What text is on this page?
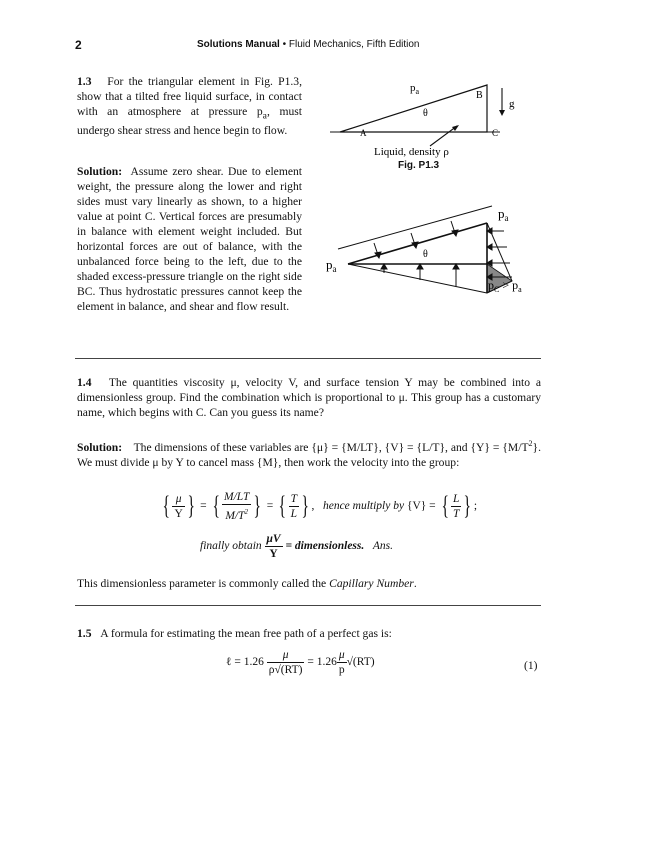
2	Solutions Manual • Fluid Mechanics, Fifth Edition
1.3 For the triangular element in Fig. P1.3, show that a tilted free liquid surface, in contact with an atmosphere at pressure $p_a$, must undergo shear stress and hence begin to flow.
$p_a$	B
θ
A	C
g
Liquid, density ρ
Fig. P1.3
Solution: Assume zero shear. Due to element weight, the pressure along the lower and right sides must vary linearly as shown, to a higher value at point C. Vertical forces are presumably in balance with element weight included. But horizontal forces are out of balance, with the unbalanced force being to the left, due to the shaded excess-pressure triangle on the right side BC. Thus hydrostatic pressures cannot keep the element in balance, and shear and flow result.
$p_a$
$p_a$
θ
$p_C > p_a$
1.4 The quantities viscosity μ, velocity V, and surface tension Y may be combined into a dimensionless group. Find the combination which is proportional to μ. This group has a customary name, which begins with C. Can you guess its name?
Solution: The dimensions of these variables are {μ} = {M/LT}, {V} = {L/T}, and $\{Y\} = \{M/T^2\}$. We must divide μ by Y to cancel mass {M}, then work the velocity into the group:
{ $\frac{\mu}{Y}$ } = { $\frac{M/LT}{M/T^2}$ } = { $\frac{T}{L}$ } , hence multiply by {V} = { $\frac{L}{T}$ } ;
finally obtain $\frac{\mu V}{Y}$ = dimensionless. Ans.
This dimensionless parameter is commonly called the Capillary Number.
1.5 A formula for estimating the mean free path of a perfect gas is:
ℓ = $1.26 \frac{\mu}{\rho√(RT)} = 1.26 \frac{\mu}{p} √(RT)$	(1)
